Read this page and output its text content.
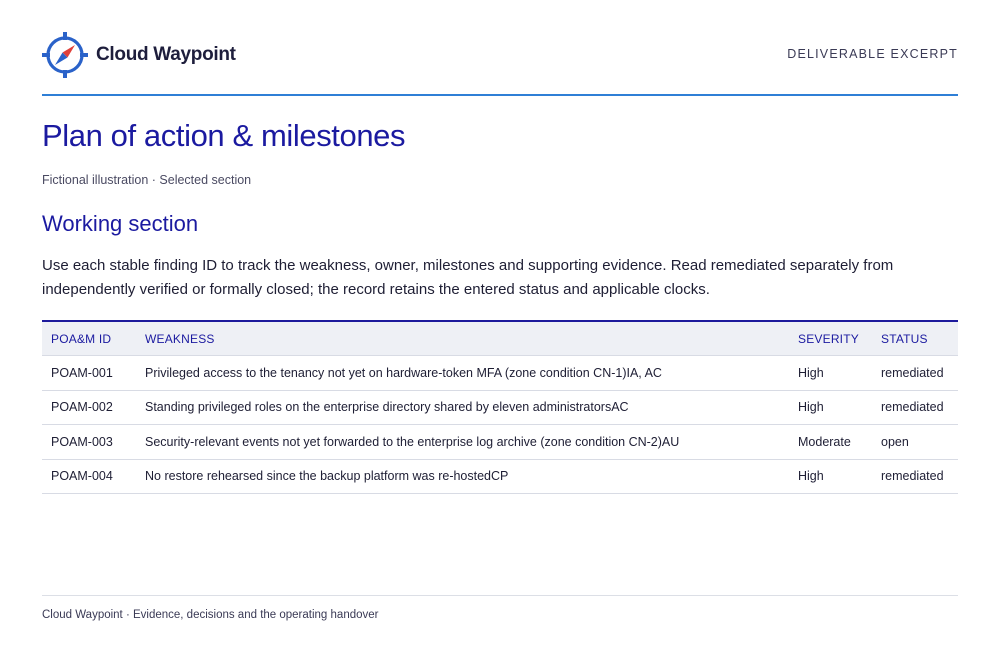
Cloud Waypoint	DELIVERABLE EXCERPT
Plan of action & milestones
Fictional illustration · Selected section
Working section

Use each stable finding ID to track the weakness, owner, milestones and supporting evidence. Read remediated separately from independently verified or formally closed; the record retains the entered status and applicable clocks.

POA&M ID	WEAKNESS	SEVERITY	STATUS
POAM-001	Privileged access to the tenancy not yet on hardware-token MFA (zone condition CN-1)IA, AC	High	remediated
POAM-002	Standing privileged roles on the enterprise directory shared by eleven administratorsAC	High	remediated
POAM-003	Security-relevant events not yet forwarded to the enterprise log archive (zone condition CN-2)AU	Moderate	open
POAM-004	No restore rehearsed since the backup platform was re-hostedCP	High	remediated
Cloud Waypoint · Evidence, decisions and the operating handover
